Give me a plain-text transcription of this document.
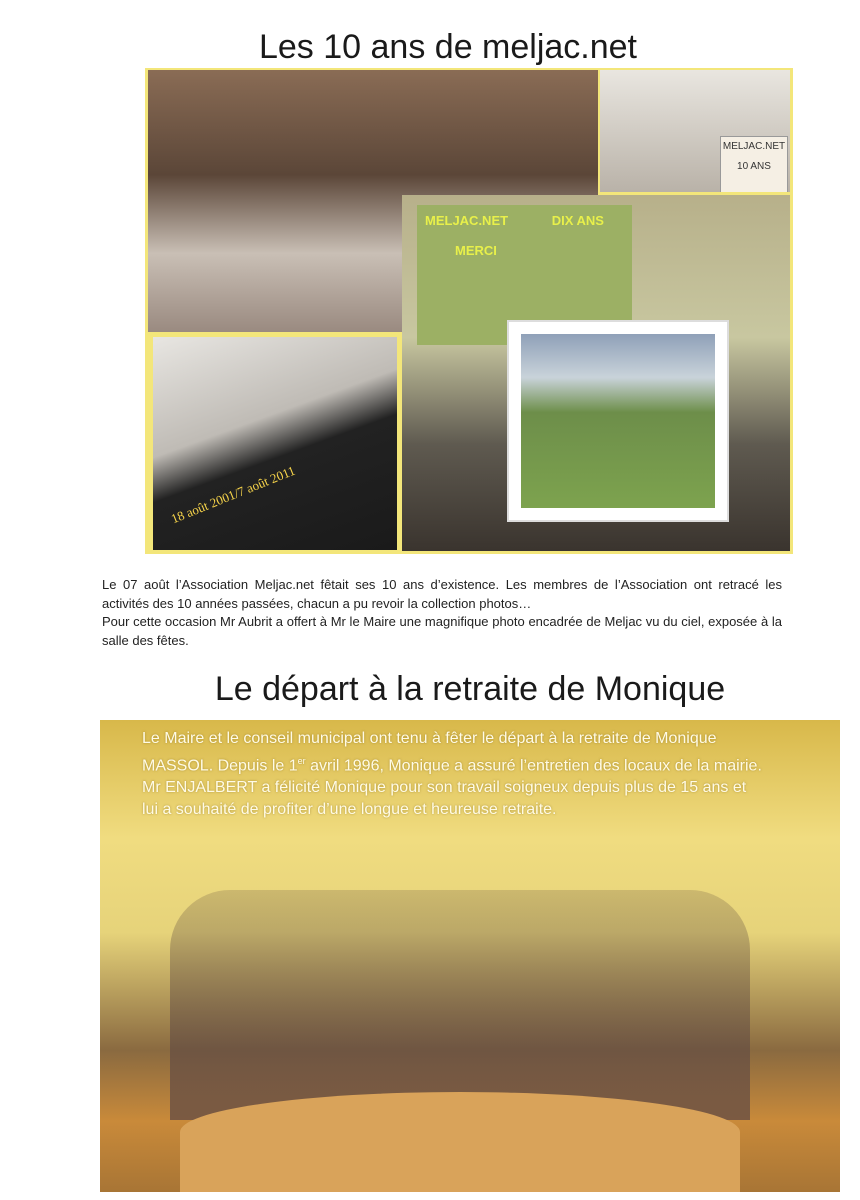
Les 10 ans de meljac.net
MELJAC.NET 10 ANS
18 août 2001/7 août 2011
MELJAC.NET	DIX ANS

MERCI

Le 07 août l’Association Meljac.net fêtait ses 10 ans d’existence. Les membres de l’Association ont retracé les activités des 10 années passées, chacun a pu revoir la collection photos…

Pour cette occasion Mr Aubrit a offert à Mr le Maire une magnifique photo encadrée de Meljac vu du ciel, exposée à la salle des fêtes.

Le départ à la retraite de Monique

Le Maire et le conseil municipal ont tenu à fêter le départ à la retraite de Monique MASSOL. Depuis le 1er avril 1996, Monique a assuré l’entretien des locaux de la mairie. Mr ENJALBERT a félicité Monique pour son travail soigneux depuis plus de 15 ans et lui a souhaité de profiter d’une longue et heureuse retraite.
